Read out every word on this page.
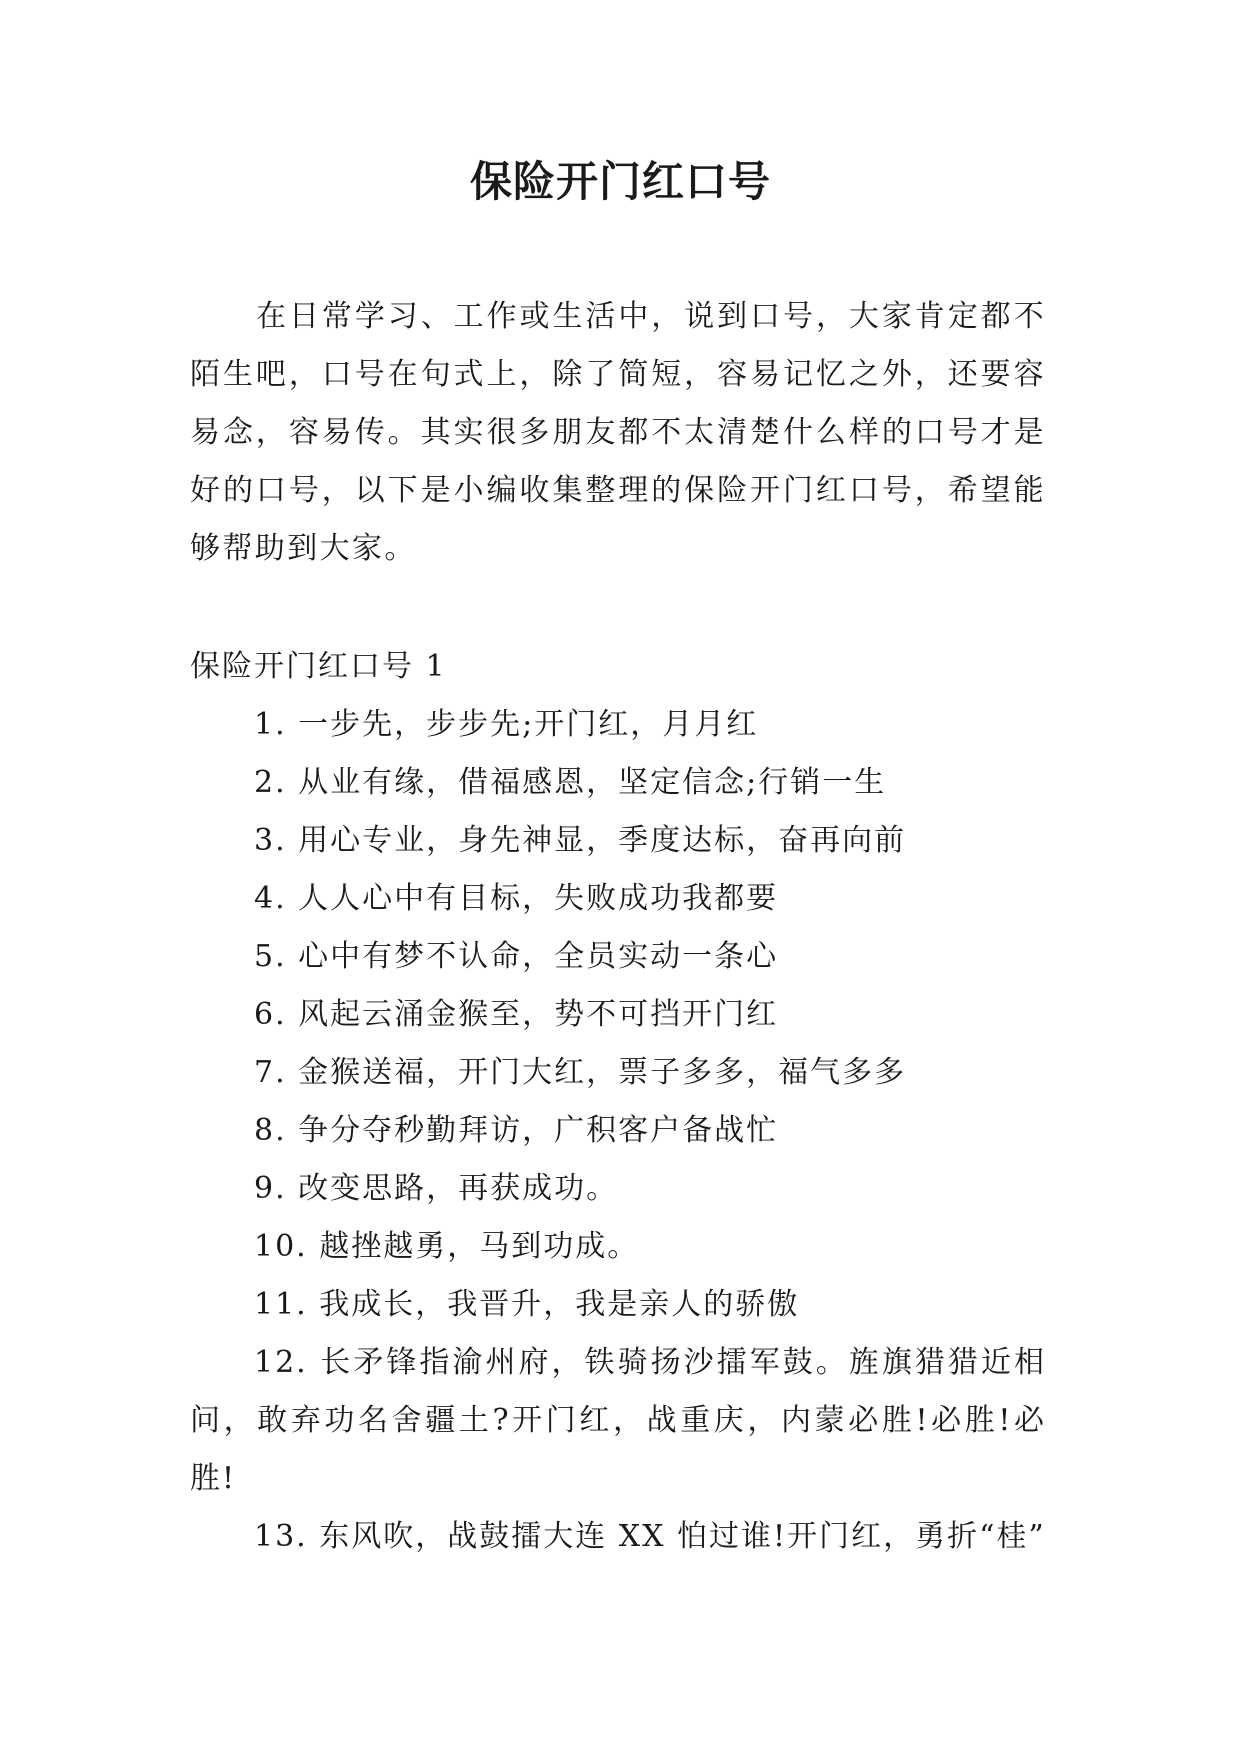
保险开门红口号

在日常学习、工作或生活中，说到口号，大家肯定都不陌生吧，口号在句式上，除了简短，容易记忆之外，还要容易念，容易传。其实很多朋友都不太清楚什么样的口号才是好的口号，以下是小编收集整理的保险开门红口号，希望能够帮助到大家。

保险开门红口号 1

1. 一步先，步步先;开门红，月月红
2. 从业有缘，借福感恩，坚定信念;行销一生
3. 用心专业，身先神显，季度达标，奋再向前
4. 人人心中有目标，失败成功我都要
5. 心中有梦不认命，全员实动一条心
6. 风起云涌金猴至，势不可挡开门红
7. 金猴送福，开门大红，票子多多，福气多多
8. 争分夺秒勤拜访，广积客户备战忙
9. 改变思路，再获成功。
10. 越挫越勇，马到功成。
11. 我成长，我晋升，我是亲人的骄傲
12. 长矛锋指渝州府，铁骑扬沙擂军鼓。旌旗猎猎近相问，敢弃功名舍疆土?开门红，战重庆，内蒙必胜!必胜!必胜!
13. 东风吹，战鼓擂大连 XX 怕过谁!开门红，勇折“桂”
